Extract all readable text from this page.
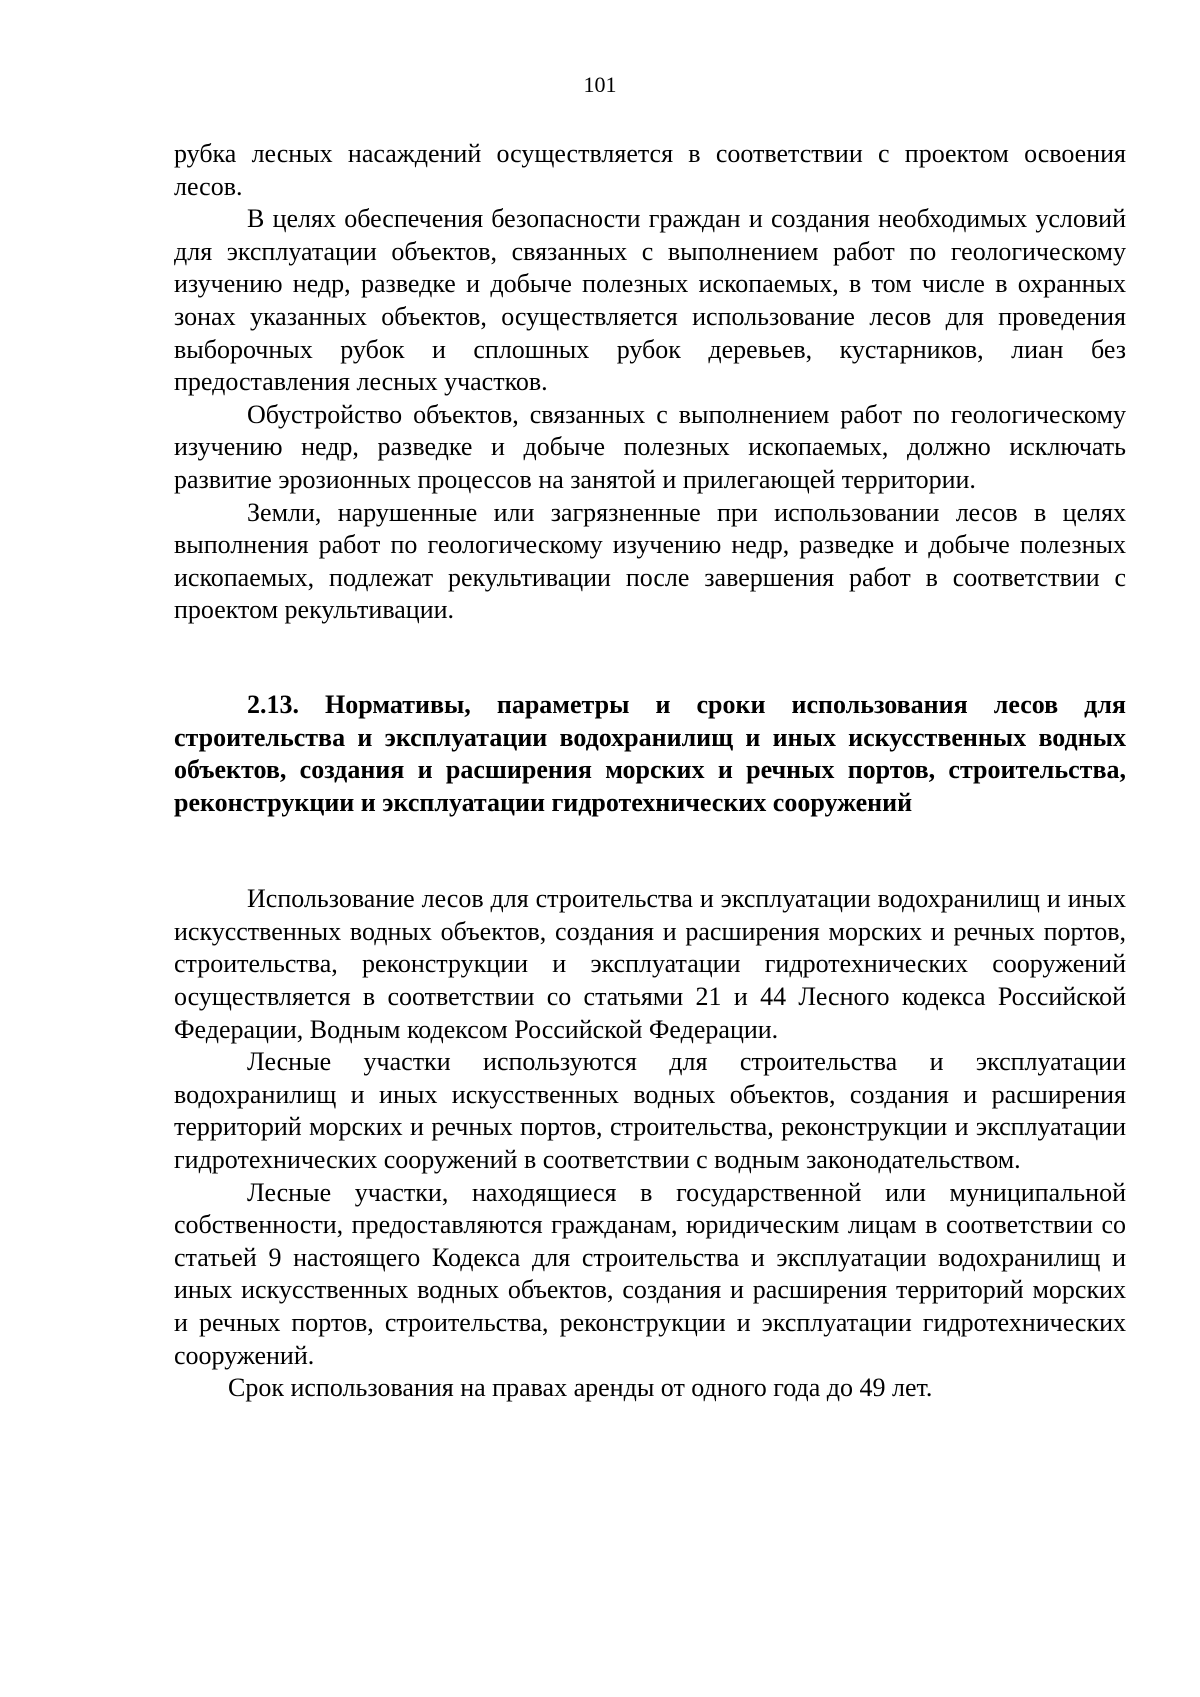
101

рубка лесных насаждений осуществляется в соответствии с проектом освоения лесов.

В целях обеспечения безопасности граждан и создания необходимых условий для эксплуатации объектов, связанных с выполнением работ по геологическому изучению недр, разведке и добыче полезных ископаемых, в том числе в охранных зонах указанных объектов, осуществляется использование лесов для проведения выборочных рубок и сплошных рубок деревьев, кустарников, лиан без предоставления лесных участков.

Обустройство объектов, связанных с выполнением работ по геологическому изучению недр, разведке и добыче полезных ископаемых, должно исключать развитие эрозионных процессов на занятой и прилегающей территории.

Земли, нарушенные или загрязненные при использовании лесов в целях выполнения работ по геологическому изучению недр, разведке и добыче полезных ископаемых, подлежат рекультивации после завершения работ в соответствии с проектом рекультивации.

2.13. Нормативы, параметры и сроки использования лесов для строительства и эксплуатации водохранилищ и иных искусственных водных объектов, создания и расширения морских и речных портов, строительства, реконструкции и эксплуатации гидротехнических сооружений

Использование лесов для строительства и эксплуатации водохранилищ и иных искусственных водных объектов, создания и расширения морских и речных портов, строительства, реконструкции и эксплуатации гидротехнических сооружений осуществляется в соответствии со статьями 21 и 44 Лесного кодекса Российской Федерации, Водным кодексом Российской Федерации.

Лесные участки используются для строительства и эксплуатации водохранилищ и иных искусственных водных объектов, создания и расширения территорий морских и речных портов, строительства, реконструкции и эксплуатации гидротехнических сооружений в соответствии с водным законодательством.

Лесные участки, находящиеся в государственной или муниципальной собственности, предоставляются гражданам, юридическим лицам в соответствии со статьей 9 настоящего Кодекса для строительства и эксплуатации водохранилищ и иных искусственных водных объектов, создания и расширения территорий морских и речных портов, строительства, реконструкции и эксплуатации гидротехнических сооружений.

Срок использования на правах аренды от одного года до 49 лет.
